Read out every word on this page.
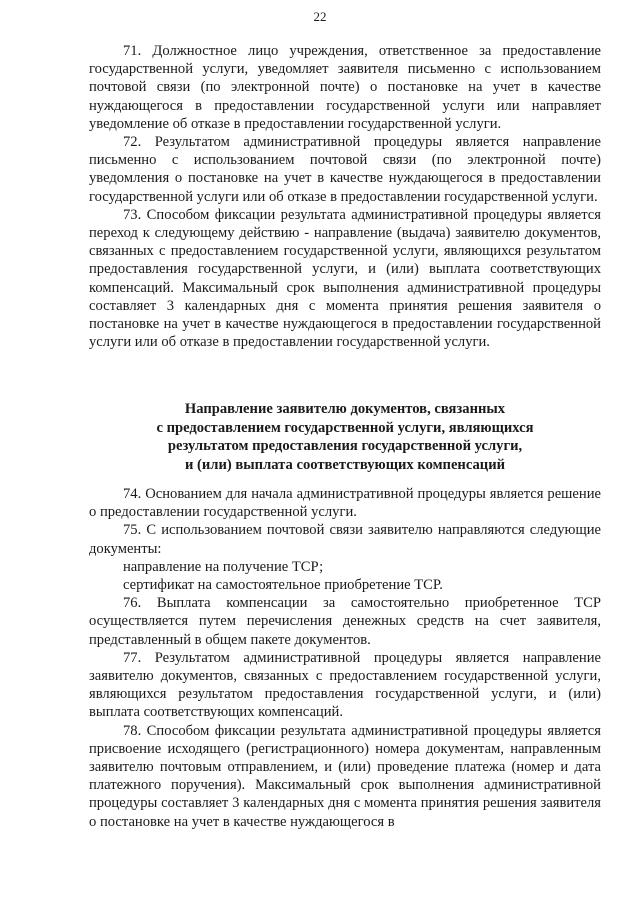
22

71. Должностное лицо учреждения, ответственное за предоставление государственной услуги, уведомляет заявителя письменно с использованием почтовой связи (по электронной почте) о постановке на учет в качестве нуждающегося в предоставлении государственной услуги или направляет уведомление об отказе в предоставлении государственной услуги.

72. Результатом административной процедуры является направление письменно с использованием почтовой связи (по электронной почте) уведомления о постановке на учет в качестве нуждающегося в предоставлении государственной услуги или об отказе в предоставлении государственной услуги.

73. Способом фиксации результата административной процедуры является переход к следующему действию - направление (выдача) заявителю документов, связанных с предоставлением государственной услуги, являющихся результатом предоставления государственной услуги, и (или) выплата соответствующих компенсаций. Максимальный срок выполнения административной процедуры составляет 3 календарных дня с момента принятия решения заявителя о постановке на учет в качестве нуждающегося в предоставлении государственной услуги или об отказе в предоставлении государственной услуги.

Направление заявителю документов, связанных
с предоставлением государственной услуги, являющихся
результатом предоставления государственной услуги,
и (или) выплата соответствующих компенсаций

74. Основанием для начала административной процедуры является решение о предоставлении государственной услуги.

75. С использованием почтовой связи заявителю направляются следующие документы:

направление на получение ТСР;

сертификат на самостоятельное приобретение ТСР.

76. Выплата компенсации за самостоятельно приобретенное ТСР осуществляется путем перечисления денежных средств на счет заявителя, представленный в общем пакете документов.

77. Результатом административной процедуры является направление заявителю документов, связанных с предоставлением государственной услуги, являющихся результатом предоставления государственной услуги, и (или) выплата соответствующих компенсаций.

78. Способом фиксации результата административной процедуры является присвоение исходящего (регистрационного) номера документам, направленным заявителю почтовым отправлением, и (или) проведение платежа (номер и дата платежного поручения). Максимальный срок выполнения административной процедуры составляет 3 календарных дня с момента принятия решения заявителя о постановке на учет в качестве нуждающегося в
